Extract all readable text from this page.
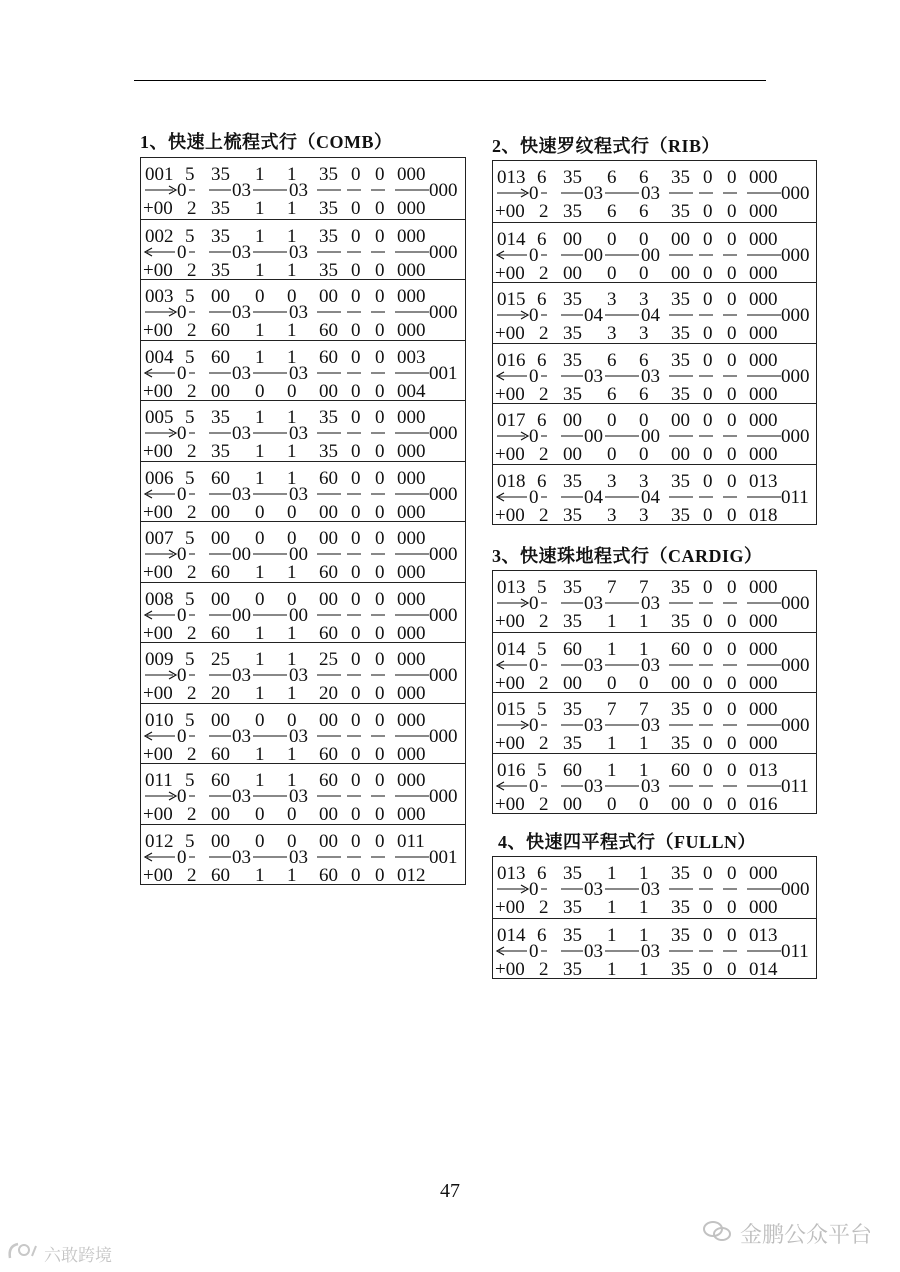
1、快速上梳程式行（COMB）
001 5 35 1 1 35 0 0 000
0 03 03	000
+00 2 35 1 1 35 0 0 000
002 5 35 1 1 35 0 0 000
0 03 03	000
+00 2 35 1 1 35 0 0 000
003 5 00 0 0 00 0 0 000
0 03 03	000
+00 2 60 1 1 60 0 0 000
004 5 60 1 1 60 0 0 003
0 03 03	001
+00 2 00 0 0 00 0 0 004
005 5 35 1 1 35 0 0 000
0 03 03	000
+00 2 35 1 1 35 0 0 000
006 5 60 1 1 60 0 0 000
0 03 03	000
+00 2 00 0 0 00 0 0 000
007 5 00 0 0 00 0 0 000
0 00 00	000
+00 2 60 1 1 60 0 0 000
008 5 00 0 0 00 0 0 000
0 00 00	000
+00 2 60 1 1 60 0 0 000
009 5 25 1 1 25 0 0 000
0 03 03	000
+00 2 20 1 1 20 0 0 000
010 5 00 0 0 00 0 0 000
0 03 03	000
+00 2 60 1 1 60 0 0 000
011 5 60 1 1 60 0 0 000
0 03 03	000
+00 2 00 0 0 00 0 0 000
012 5 00 0 0 00 0 0 011
0 03 03	001
+00 2 60 1 1 60 0 0 012
2、快速罗纹程式行（RIB）
013 6 35 6 6 35 0 0 000
0 03 03	000
+00 2 35 6 6 35 0 0 000
014 6 00 0 0 00 0 0 000
0 00 00	000
+00 2 00 0 0 00 0 0 000
015 6 35 3 3 35 0 0 000
0 04 04	000
+00 2 35 3 3 35 0 0 000
016 6 35 6 6 35 0 0 000
0 03 03	000
+00 2 35 6 6 35 0 0 000
017 6 00 0 0 00 0 0 000
0 00 00	000
+00 2 00 0 0 00 0 0 000
018 6 35 3 3 35 0 0 013
0 04 04	011
+00 2 35 3 3 35 0 0 018
3、快速珠地程式行（CARDIG）
013 5 35 7 7 35 0 0 000
0 03 03	000
+00 2 35 1 1 35 0 0 000
014 5 60 1 1 60 0 0 000
0 03 03	000
+00 2 00 0 0 00 0 0 000
015 5 35 7 7 35 0 0 000
0 03 03	000
+00 2 35 1 1 35 0 0 000
016 5 60 1 1 60 0 0 013
0 03 03	011
+00 2 00 0 0 00 0 0 016
4、快速四平程式行（FULLN）
013 6 35 1 1 35 0 0 000
0 03 03	000
+00 2 35 1 1 35 0 0 000
014 6 35 1 1 35 0 0 013
0 03 03	011
+00 2 35 1 1 35 0 0 014
47
金鹏公众平台
六敢跨境
